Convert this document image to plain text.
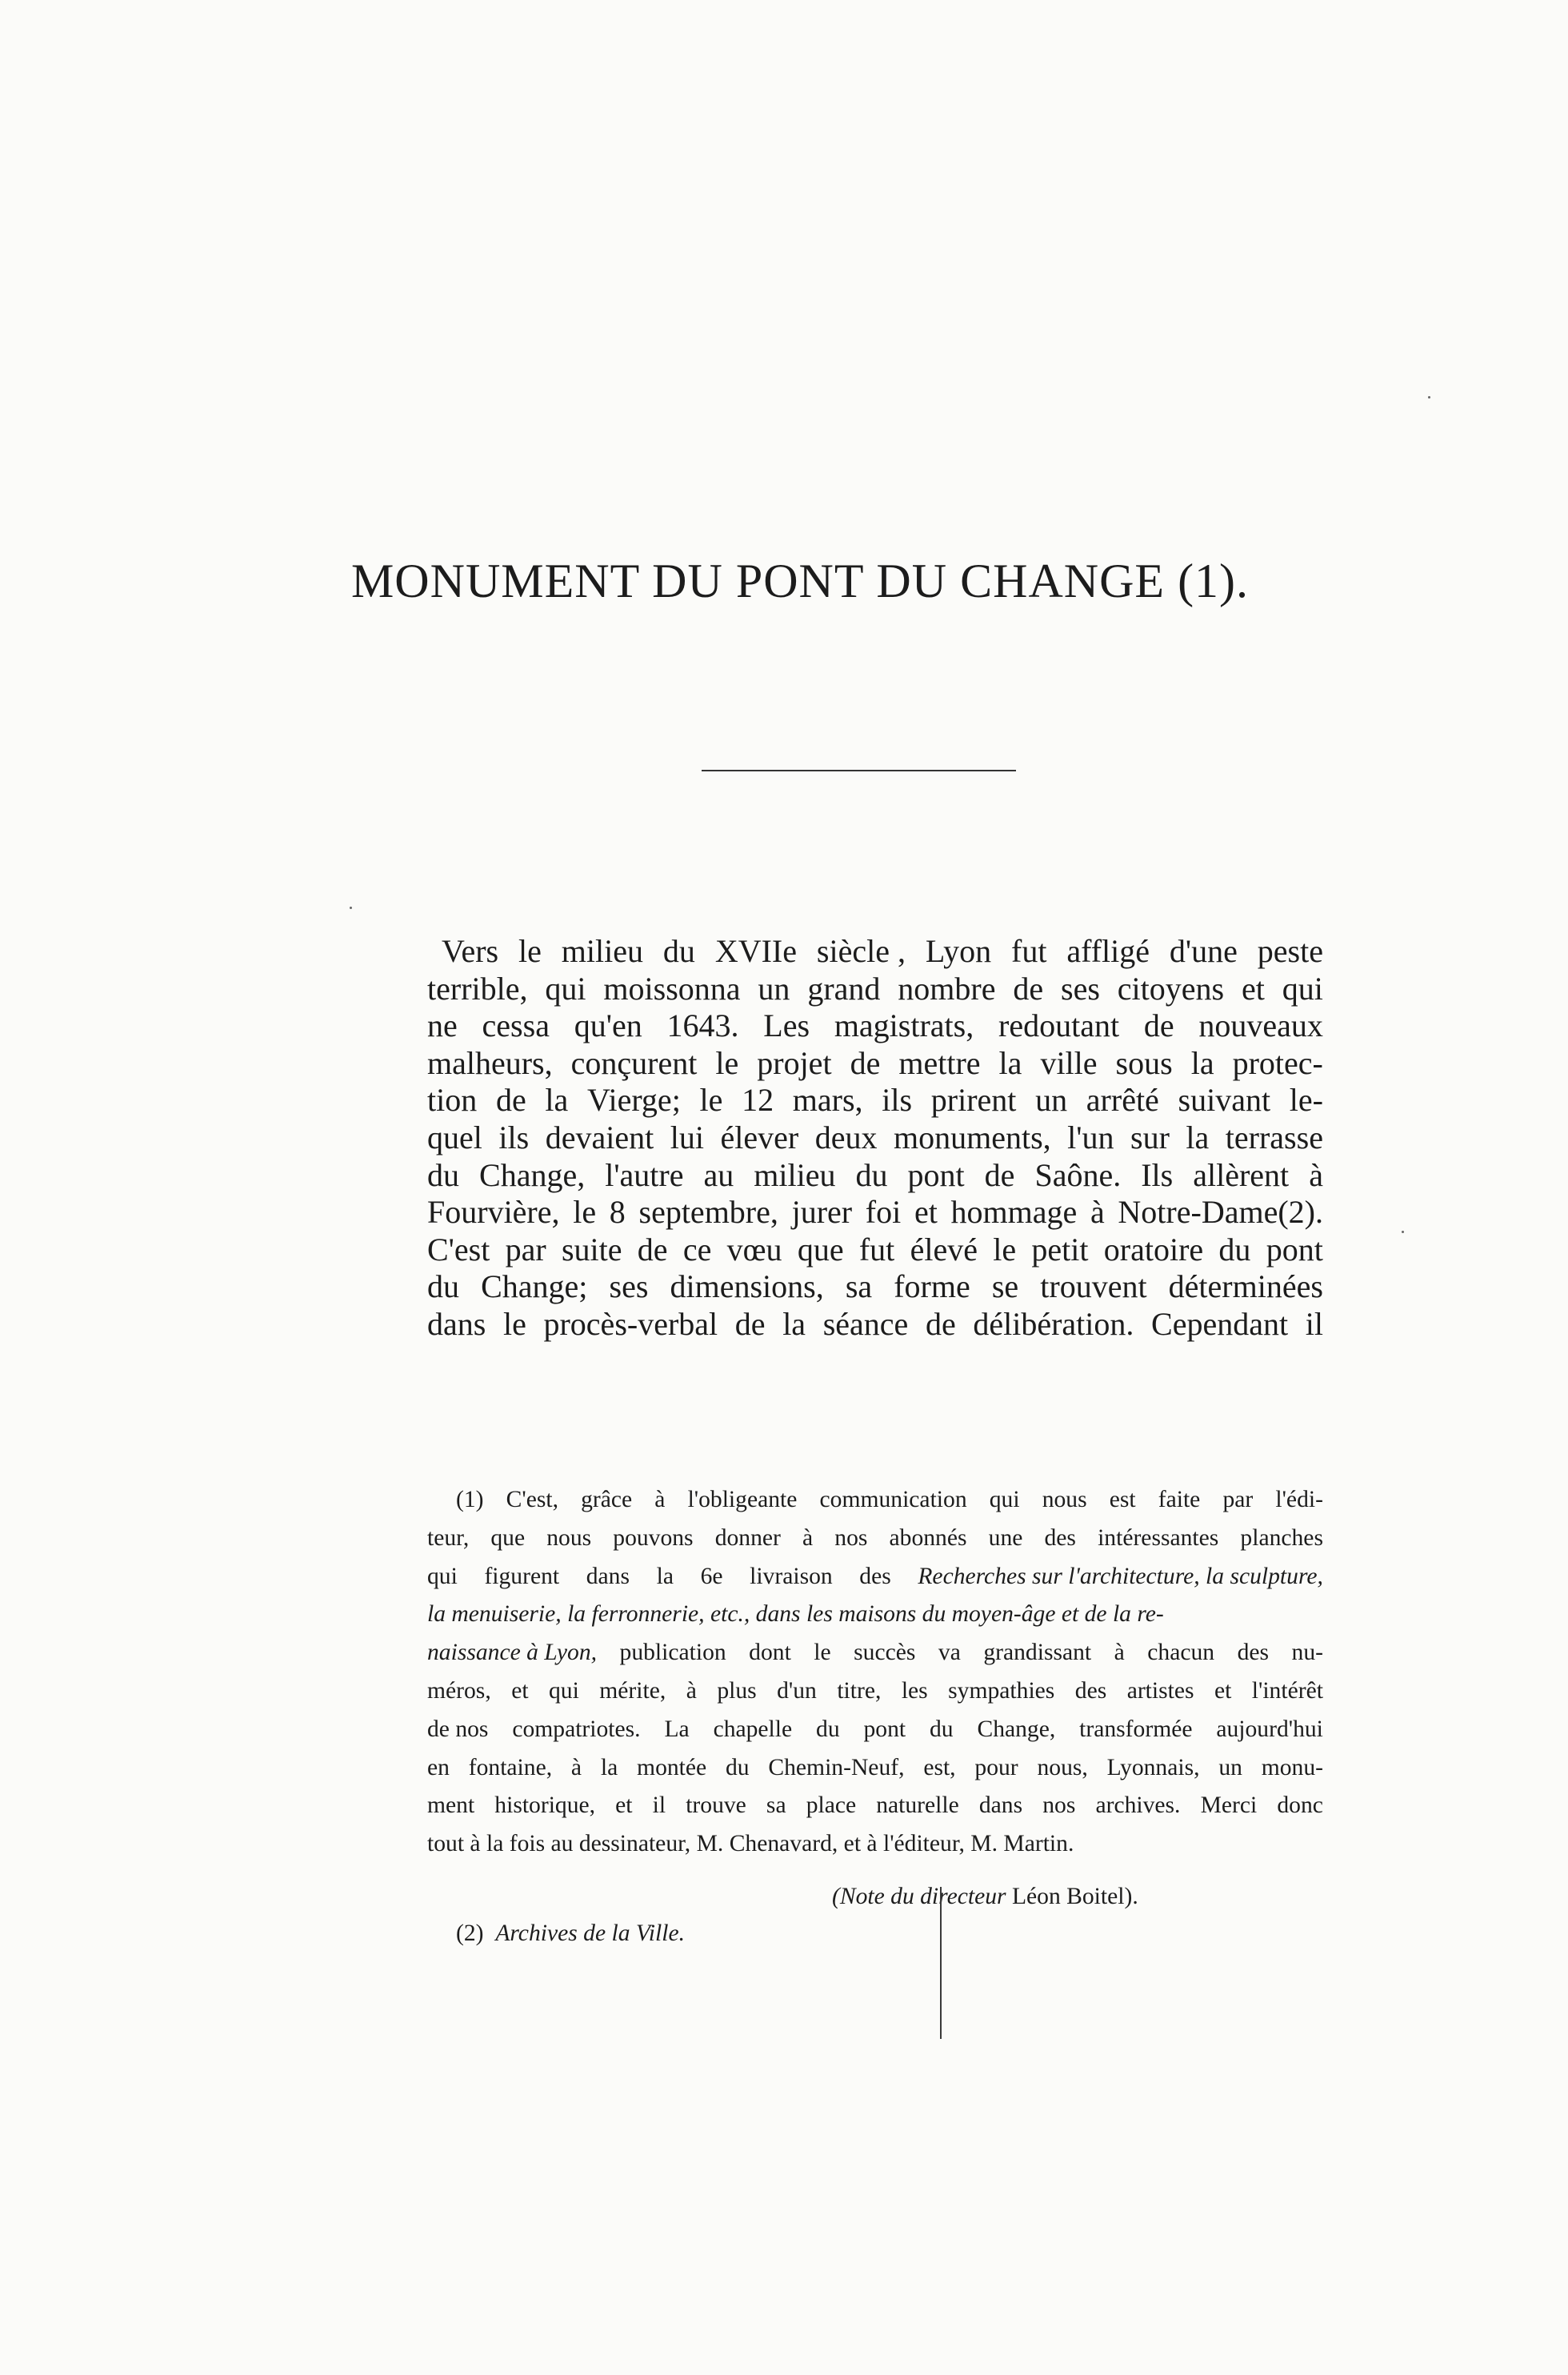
MONUMENT DU PONT DU CHANGE (1).
Vers le milieu du XVIIe siècle , Lyon fut affligé d'une peste
terrible, qui moissonna un grand nombre de ses citoyens et qui
ne cessa qu'en 1643. Les magistrats, redoutant de nouveaux
malheurs, conçurent le projet de mettre la ville sous la protec-
tion de la Vierge; le 12 mars, ils prirent un arrêté suivant le-
quel ils devaient lui élever deux monuments, l'un sur la terrasse
du Change, l'autre au milieu du pont de Saône. Ils allèrent à
Fourvière, le 8 septembre, jurer foi et hommage à Notre-Dame(2).
C'est par suite de ce vœu que fut élevé le petit oratoire du pont
du Change; ses dimensions, sa forme se trouvent déterminées
dans le procès-verbal de la séance de délibération. Cependant il
(1) C'est, grâce à l'obligeante communication qui nous est faite par l'édi-
teur, que nous pouvons donner à nos abonnés une des intéressantes planches
qui figurent dans la 6e livraison des Recherches sur l'architecture, la sculpture,
la menuiserie, la ferronnerie, etc., dans les maisons du moyen-âge et de la re-
naissance à Lyon, publication dont le succès va grandissant à chacun des nu-
méros, et qui mérite, à plus d'un titre, les sympathies des artistes et l'intérêt
de nos compatriotes. La chapelle du pont du Change, transformée aujourd'hui
en fontaine, à la montée du Chemin-Neuf, est, pour nous, Lyonnais, un monu-
ment historique, et il trouve sa place naturelle dans nos archives. Merci donc
tout à la fois au dessinateur, M. Chenavard, et à l'éditeur, M. Martin.
(Note du directeur Léon Boitel).
(2) Archives de la Ville.
